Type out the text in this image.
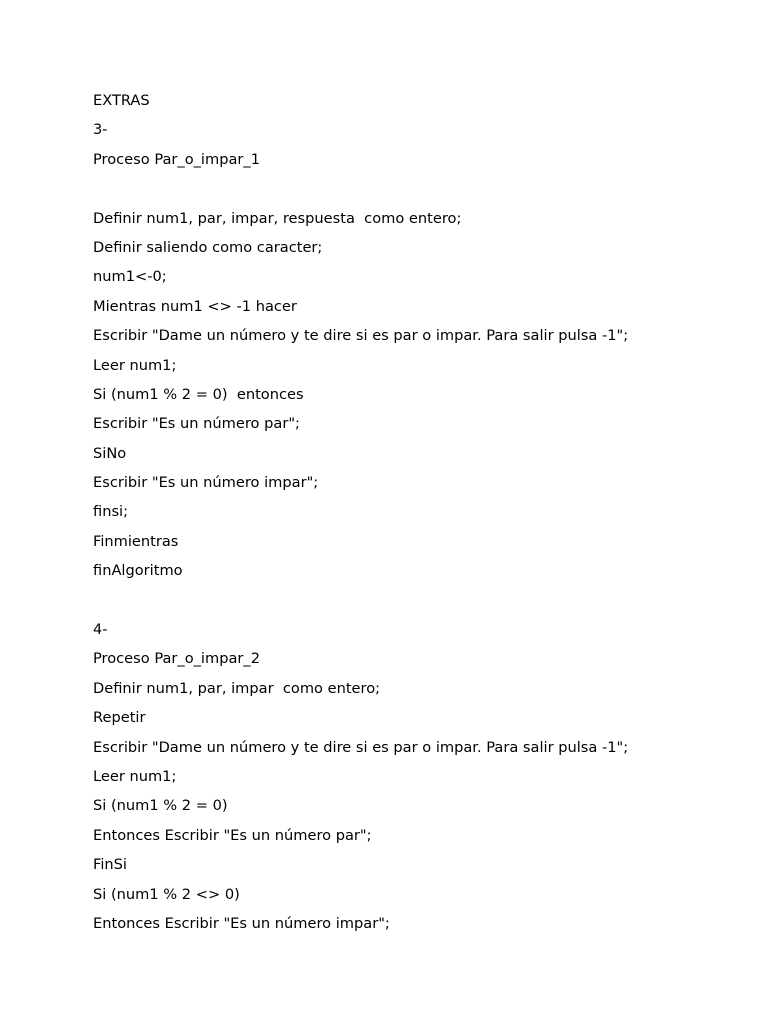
EXTRAS
3-
Proceso Par_o_impar_1
Definir num1, par, impar, respuesta  como entero;
Definir saliendo como caracter;
num1<-0;
Mientras num1 <> -1 hacer
Escribir "Dame un número y te dire si es par o impar. Para salir pulsa -1";
Leer num1;
Si (num1 % 2 = 0)  entonces
Escribir "Es un número par";
SiNo
Escribir "Es un número impar";
finsi;
Finmientras
finAlgoritmo
4-
Proceso Par_o_impar_2
Definir num1, par, impar  como entero;
Repetir
Escribir "Dame un número y te dire si es par o impar. Para salir pulsa -1";
Leer num1;
Si (num1 % 2 = 0)
Entonces Escribir "Es un número par";
FinSi
Si (num1 % 2 <> 0)
Entonces Escribir "Es un número impar";
